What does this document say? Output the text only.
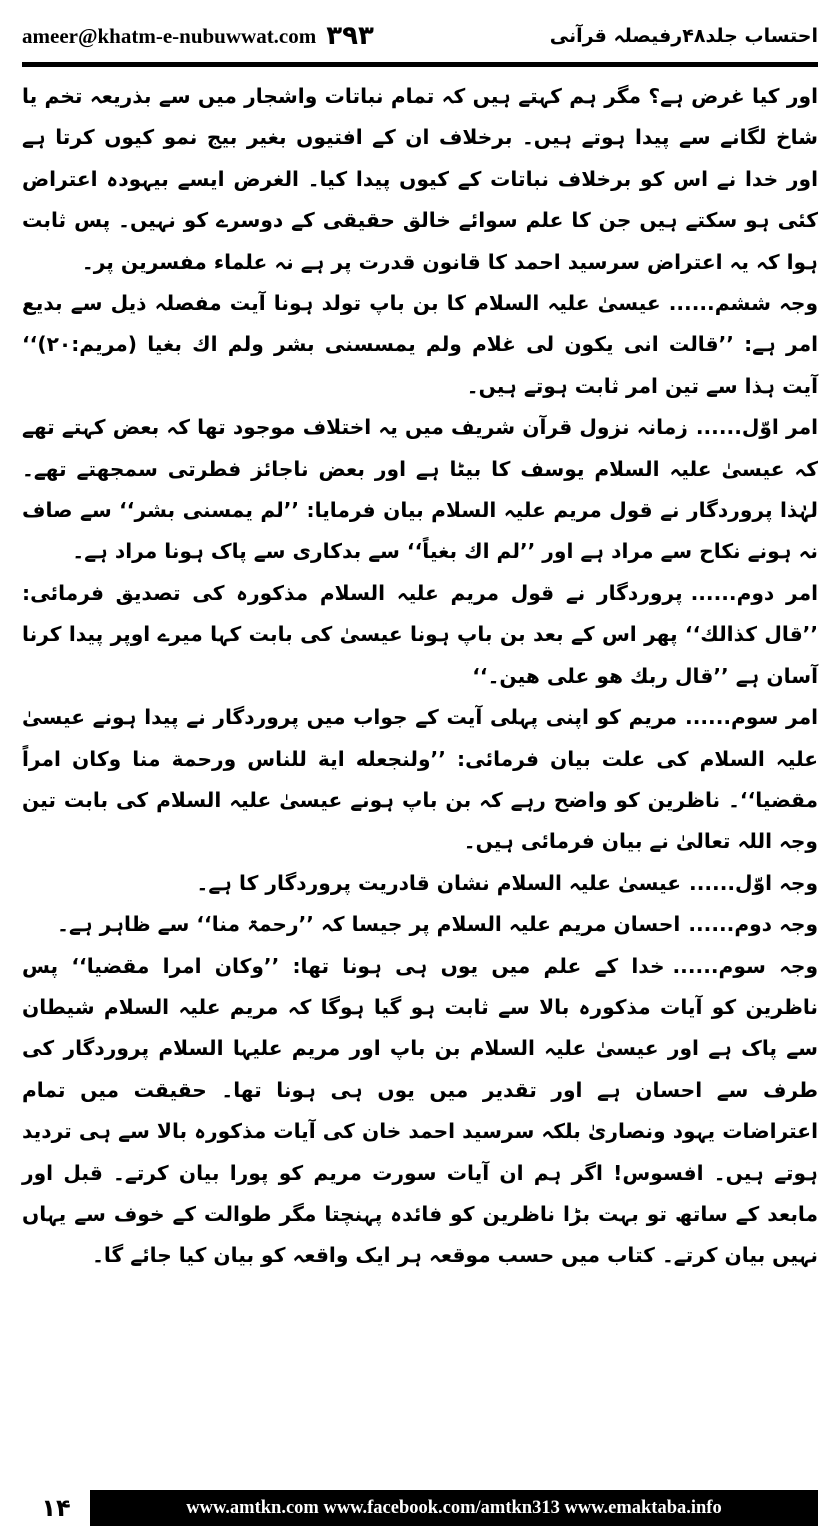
ameer@khatm-e-nubuwwat.com ۳۹۳	احتساب جلد۴۸رفیصلہ قرآنی

اور کیا غرض ہے؟ مگر ہم کہتے ہیں کہ تمام نباتات واشجار میں سے بذریعہ تخم یا شاخ لگانے سے پیدا ہوتے ہیں۔ برخلاف ان کے افتیوں بغیر بیج نمو کیوں کرتا ہے اور خدا نے اس کو برخلاف نباتات کے کیوں پیدا کیا۔ الغرض ایسے بیہودہ اعتراض کئی ہو سکتے ہیں جن کا علم سوائے خالق حقیقی کے دوسرے کو نہیں۔ پس ثابت ہوا کہ یہ اعتراض سرسید احمد کا قانون قدرت پر ہے نہ علماء مفسرین پر۔

وجہ ششم......عیسیٰ علیہ السلام کا بن باپ تولد ہونا آیت مفصلہ ذیل سے بدیع امر ہے: ’’قالت انی یکون لی غلام ولم یمسسنی بشر ولم اك بغیا (مریم:۲۰)‘‘ آیت ہذا سے تین امر ثابت ہوتے ہیں۔

امر اوّل......زمانہ نزول قرآن شریف میں یہ اختلاف موجود تھا کہ بعض کہتے تھے کہ عیسیٰ علیہ السلام یوسف کا بیٹا ہے اور بعض ناجائز فطرتی سمجھتے تھے۔ لہٰذا پروردگار نے قول مریم علیہ السلام بیان فرمایا: ’’لم یمسنی بشر‘‘ سے صاف نہ ہونے نکاح سے مراد ہے اور ’’لم اك بغیاً‘‘ سے بدکاری سے پاک ہونا مراد ہے۔

امر دوم......پروردگار نے قول مریم علیہ السلام مذکورہ کی تصدیق فرمائی: ’’قال کذالك‘‘ پھر اس کے بعد بن باپ ہونا عیسیٰ کی بابت کہا میرے اوپر پیدا کرنا آسان ہے ’’قال ربك ھو علی ھین۔‘‘

امر سوم......مریم کو اپنی پہلی آیت کے جواب میں پروردگار نے پیدا ہونے عیسیٰ علیہ السلام کی علت بیان فرمائی: ’’ولنجعله ایة للناس ورحمة منا وکان امراً مقضیا‘‘۔ ناظرین کو واضح رہے کہ بن باپ ہونے عیسیٰ علیہ السلام کی بابت تین وجہ اللہ تعالیٰ نے بیان فرمائی ہیں۔

وجہ اوّل......عیسیٰ علیہ السلام نشان قادریت پروردگار کا ہے۔

وجہ دوم......احسان مریم علیہ السلام پر جیسا کہ ’’رحمۃ منا‘‘ سے ظاہر ہے۔

وجہ سوم......خدا کے علم میں یوں ہی ہونا تھا: ’’وکان امرا مقضیا‘‘ پس ناظرین کو آیات مذکورہ بالا سے ثابت ہو گیا ہوگا کہ مریم علیہ السلام شیطان سے پاک ہے اور عیسیٰ علیہ السلام بن باپ اور مریم علیہا السلام پروردگار کی طرف سے احسان ہے اور تقدیر میں یوں ہی ہونا تھا۔ حقیقت میں تمام اعتراضات یہود ونصاریٰ بلکہ سرسید احمد خان کی آیات مذکورہ بالا سے ہی تردید ہوتے ہیں۔ افسوس! اگر ہم ان آیات سورت مریم کو پورا بیان کرتے۔ قبل اور مابعد کے ساتھ تو بہت بڑا ناظرین کو فائدہ پہنچتا مگر طوالت کے خوف سے یہاں نہیں بیان کرتے۔ کتاب میں حسب موقعہ ہر ایک واقعہ کو بیان کیا جائے گا۔

۱۴	www.amtkn.com www.facebook.com/amtkn313 www.emaktaba.info
